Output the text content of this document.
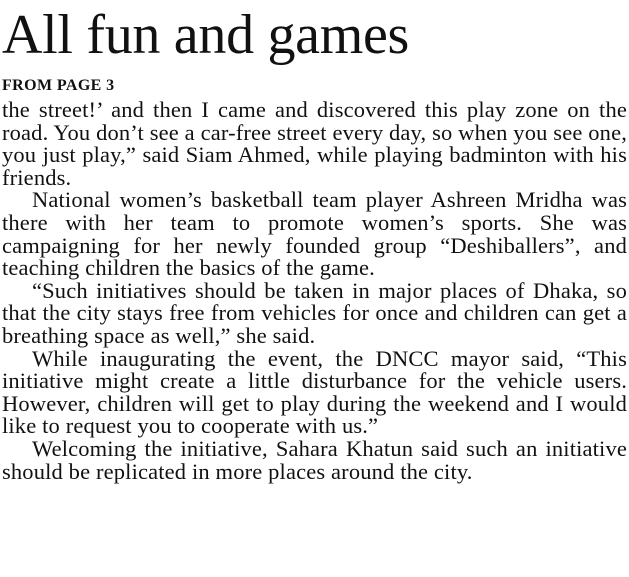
All fun and games
FROM PAGE 3

the street!’ and then I came and discovered this play zone on the road. You don’t see a car-free street every day, so when you see one, you just play,” said Siam Ahmed, while playing badminton with his friends.

National women’s basketball team player Ashreen Mridha was there with her team to promote women’s sports. She was campaigning for her newly founded group “Deshiballers”, and teaching children the basics of the game.

“Such initiatives should be taken in major places of Dhaka, so that the city stays free from vehicles for once and children can get a breathing space as well,” she said.

While inaugurating the event, the DNCC mayor said, “This initiative might create a little disturbance for the vehicle users. However, children will get to play during the weekend and I would like to request you to cooperate with us.”

Welcoming the initiative, Sahara Khatun said such an initiative should be replicated in more places around the city.
